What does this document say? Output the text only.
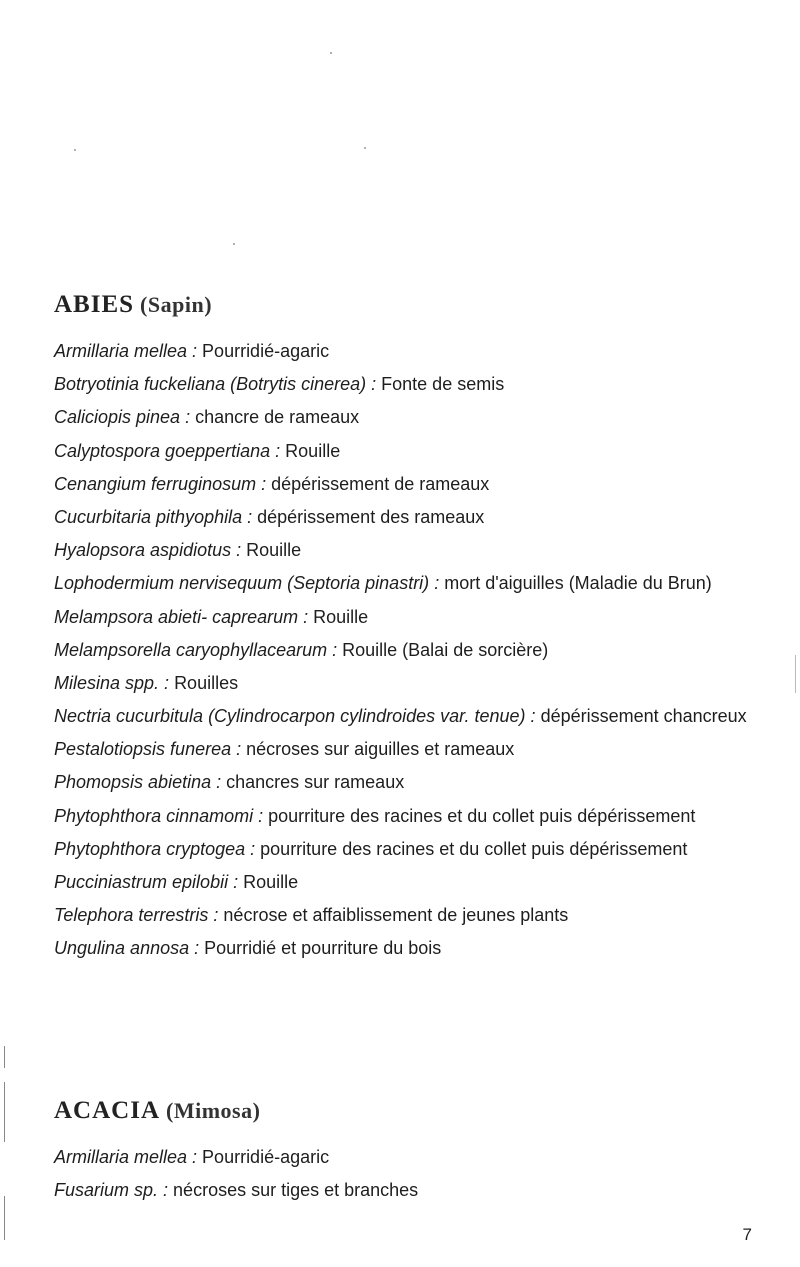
ABIES (Sapin)

Armillaria mellea : Pourridié-agaric

Botryotinia fuckeliana (Botrytis cinerea) : Fonte de semis

Caliciopis pinea : chancre de rameaux

Calyptospora goeppertiana : Rouille

Cenangium ferruginosum : dépérissement de rameaux

Cucurbitaria pithyophila : dépérissement des rameaux

Hyalopsora aspidiotus : Rouille

Lophodermium nervisequum (Septoria pinastri) : mort d'aiguilles (Maladie du Brun)

Melampsora abieti- caprearum : Rouille

Melampsorella caryophyllacearum : Rouille (Balai de sorcière)

Milesina spp. : Rouilles

Nectria cucurbitula (Cylindrocarpon cylindroides var. tenue) : dépérissement chancreux

Pestalotiopsis funerea : nécroses sur aiguilles et rameaux

Phomopsis abietina : chancres sur rameaux

Phytophthora cinnamomi : pourriture des racines et du collet puis dépérissement

Phytophthora cryptogea : pourriture des racines et du collet puis dépérissement

Pucciniastrum epilobii : Rouille

Telephora terrestris : nécrose et affaiblissement de jeunes plants

Ungulina annosa : Pourridié et pourriture du bois

ACACIA (Mimosa)

Armillaria mellea : Pourridié-agaric

Fusarium sp. : nécroses sur tiges et branches

7
